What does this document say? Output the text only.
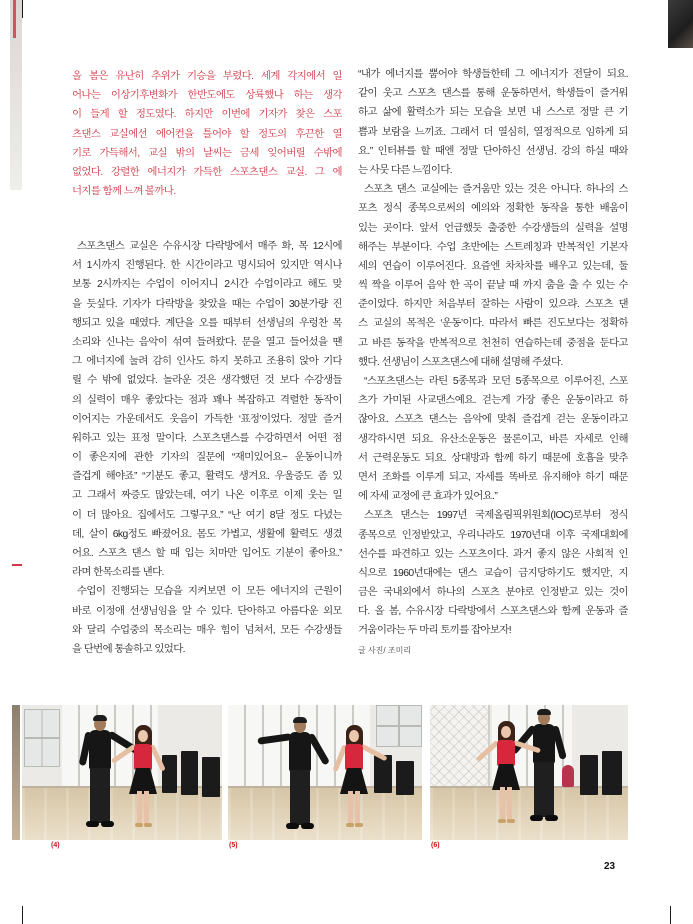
올 봄은 유난히 추위가 기승을 부렸다. 세계 각지에서 일
어나는 이상기후변화가 한반도에도 상륙했나 하는 생각
이 들게 할 정도였다. 하지만 이번에 기자가 찾은 스포
츠댄스 교실에선 에어컨을 틀어야 할 정도의 후끈한 열
기로 가득해서, 교실 밖의 날씨는 금세 잊어버릴 수밖에
없었다. 강렬한 에너지가 가득한 스포츠댄스 교실. 그 에
너지를 함께 느껴 볼까나.
스포츠댄스 교실은 수유시장 다락방에서 매주 화, 목 12시에
서 1시까지 진행된다. 한 시간이라고 명시되어 있지만 역시나
보통 2시까지는 수업이 이어지니 2시간 수업이라고 해도 맞
을 듯싶다. 기자가 다락방을 찾았을 때는 수업이 30분가량 진
행되고 있을 때였다. 계단을 오를 때부터 선생님의 우렁찬 목
소리와 신나는 음악이 섞여 들려왔다. 문을 열고 들어섰을 땐
그 에너지에 눌려 감히 인사도 하지 못하고 조용히 앉아 기다
릴 수 밖에 없었다. 놀라운 것은 생각했던 것 보다 수강생들
의 실력이 매우 좋았다는 점과 꽤나 복잡하고 격렬한 동작이
이어지는 가운데서도 웃음이 가득한 ‘표정’이었다. 정말 즐거
워하고 있는 표정 말이다. 스포츠댄스를 수강하면서 어떤 점
이 좋은지에 관한 기자의 질문에 “재미있어요~ 운동이니까
즐겁게 해야죠” “기분도 좋고, 활력도 생겨요. 우울증도 좀 있
고 그래서 짜증도 많았는데, 여기 나온 이후로 이제 웃는 일
이 더 많아요. 집에서도 그렇구요.” “난 여기 8달 정도 다녔는
데, 살이 6kg정도 빠졌어요. 몸도 가볍고, 생활에 활력도 생겼
어요. 스포츠 댄스 할 때 입는 치마만 입어도 기분이 좋아요.”
라며 한목소리를 낸다.
수업이 진행되는 모습을 지켜보면 이 모든 에너지의 근원이
바로 이정애 선생님임을 알 수 있다. 단아하고 아름다운 외모
와 달리 수업중의 목소리는 매우 힘이 넘쳐서, 모든 수강생들
을 단번에 통솔하고 있었다.
“내가 에너지를 뿜어야 학생들한테 그 에너지가 전달이 되요.
같이 웃고 스포츠 댄스를 통해 운동하면서, 학생들이 즐거워
하고 삶에 활력소가 되는 모습을 보면 내 스스로 정말 큰 기
쁨과 보람을 느끼죠. 그래서 더 열심히, 열정적으로 임하게 되
요.” 인터뷰를 할 때엔 정말 단아하신 선생님. 강의 하실 때와
는 사뭇 다른 느낌이다.
스포츠 댄스 교실에는 즐거움만 있는 것은 아니다. 하나의 스
포츠 정식 종목으로써의 예의와 정확한 동작을 통한 배움이
있는 곳이다. 앞서 언급했듯 출중한 수강생들의 실력을 설명
해주는 부분이다. 수업 초반에는 스트레칭과 반복적인 기본자
세의 연습이 이루어진다. 요즘엔 차차차를 배우고 있는데, 둘
씩 짝을 이루어 음악 한 곡이 끝날 때 까지 춤을 출 수 있는 수
준이었다. 하지만 처음부터 잘하는 사람이 있으랴. 스포츠 댄
스 교실의 목적은 ‘운동’이다. 따라서 빠른 진도보다는 정확하
고 바른 동작을 반복적으로 천천히 연습하는데 중점을 둔다고
했다. 선생님이 스포츠댄스에 대해 설명해 주셨다.
“스포츠댄스는 라틴 5종목과 모던 5종목으로 이루어진, 스포
츠가 가미된 사교댄스예요. 걷는게 가장 좋은 운동이라고 하
잖아요. 스포츠 댄스는 음악에 맞춰 즐겁게 걷는 운동이라고
생각하시면 되요. 유산소운동은 물론이고, 바른 자세로 인해
서 근력운동도 되요. 상대방과 함께 하기 때문에 호흡을 맞추
면서 조화를 이루게 되고, 자세를 똑바로 유지해야 하기 때문
에 자세 교정에 큰 효과가 있어요.”
스포츠 댄스는 1997년 국제올림픽위원회(IOC)로부터 정식
종목으로 인정받았고, 우리나라도 1970년대 이후 국제대회에
선수를 파견하고 있는 스포츠이다. 과거 좋지 않은 사회적 인
식으로 1960년대에는 댄스 교습이 금지당하기도 했지만, 지
금은 국내외에서 하나의 스포츠 분야로 인정받고 있는 것이
다. 올 봄, 수유시장 다락방에서 스포츠댄스와 함께 운동과 즐
거움이라는 두 마리 토끼를 잡아보자!
글 사진/ 조미리
(4)	(5)	(6)
23
